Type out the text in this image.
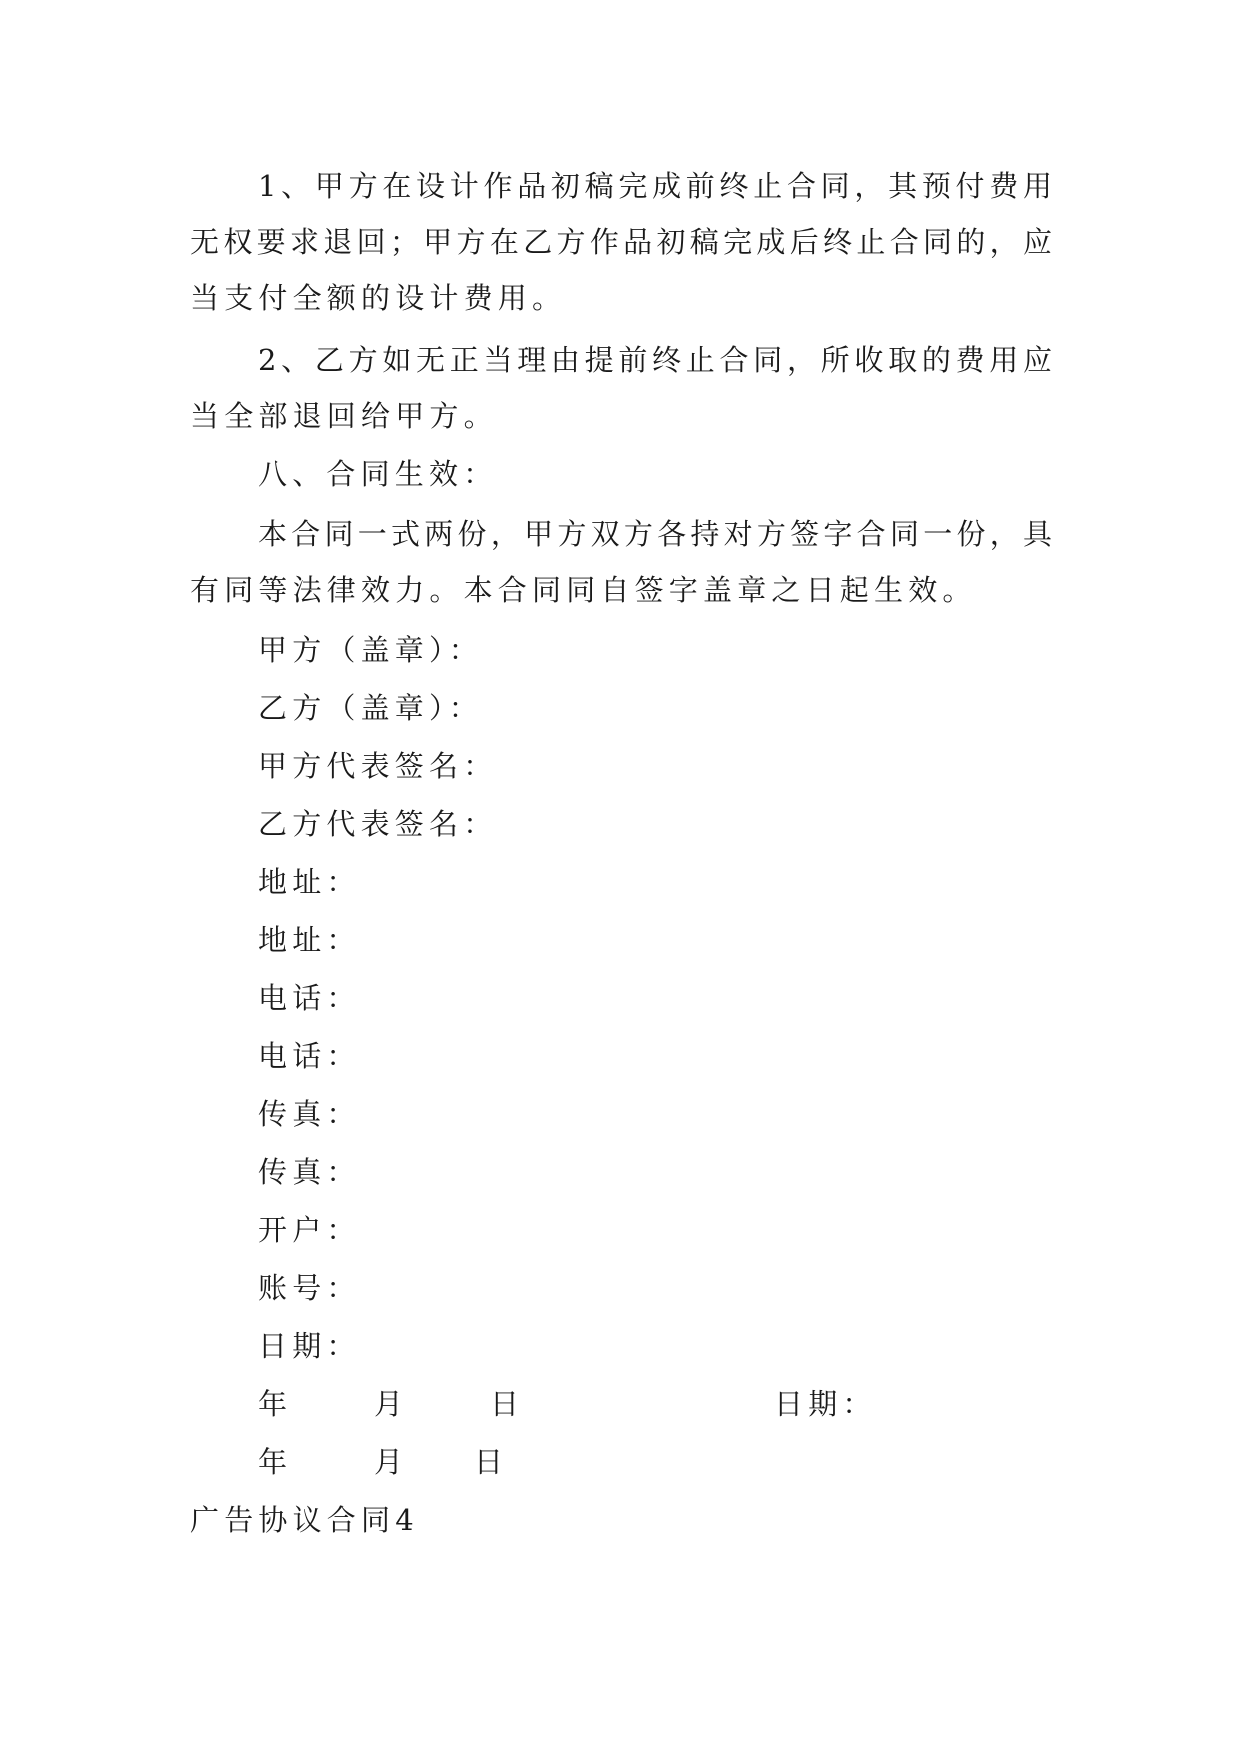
1、甲方在设计作品初稿完成前终止合同，其预付费用
无权要求退回；甲方在乙方作品初稿完成后终止合同的，应
当支付全额的设计费用。
2、乙方如无正当理由提前终止合同，所收取的费用应
当全部退回给甲方。
八、合同生效：
本合同一式两份，甲方双方各持对方签字合同一份，具
有同等法律效力。本合同同自签字盖章之日起生效。
甲方（盖章）：
乙方（盖章）：
甲方代表签名：
乙方代表签名：
地址：
地址：
电话：
电话：
传真：
传真：
开户：
账号：
日期：
年	月	日	日期：
年	月 日
广告协议合同4
